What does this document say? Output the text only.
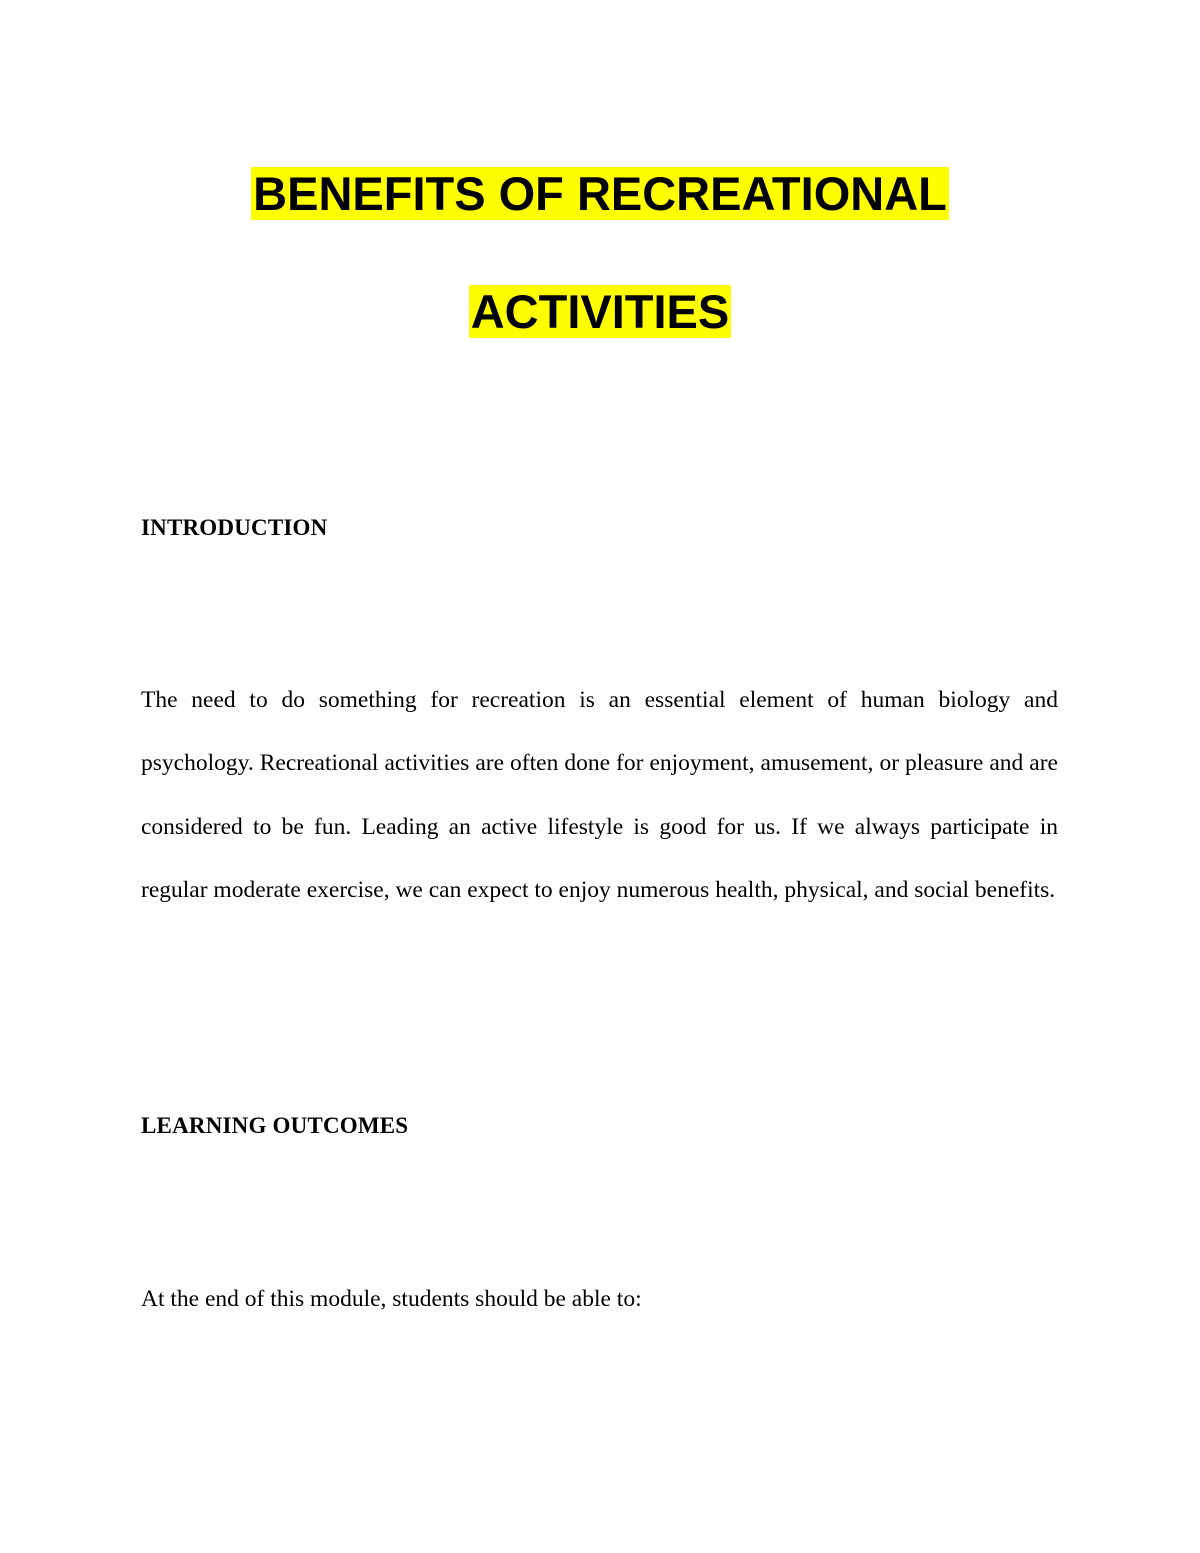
BENEFITS OF RECREATIONAL
ACTIVITIES
INTRODUCTION
The need to do something for recreation is an essential element of human biology and psychology. Recreational activities are often done for enjoyment, amusement, or pleasure and are considered to be fun. Leading an active lifestyle is good for us. If we always participate in regular moderate exercise, we can expect to enjoy numerous health, physical, and social benefits.
LEARNING OUTCOMES
At the end of this module, students should be able to:
